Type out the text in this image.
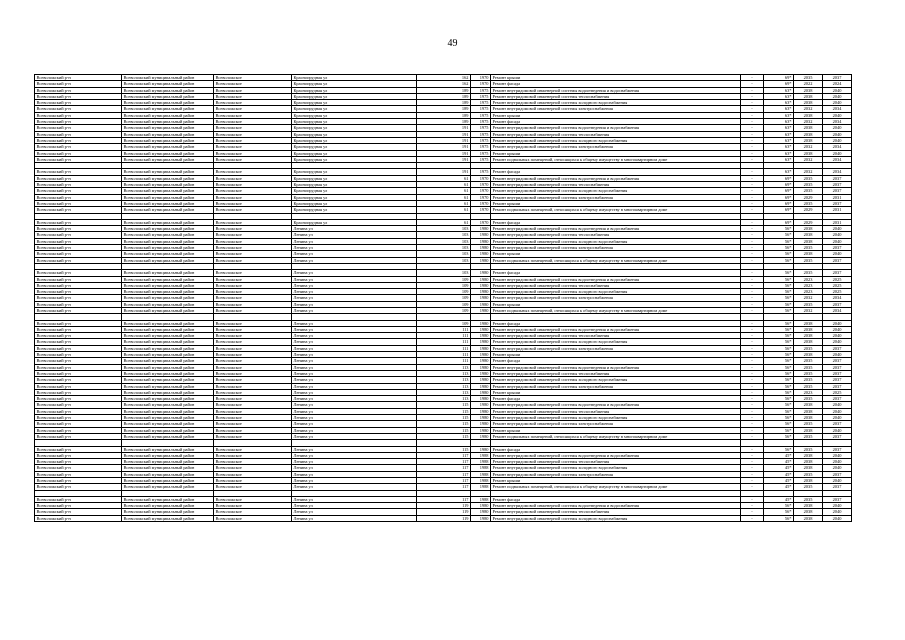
49
Всеволожский р-н	Всеволожский муниципальный район	Всеволожское	Краснопрудная ул	162	1970	Ремонт крыши	-	69*	2035	2037
Всеволожский р-н	Всеволожский муниципальный район	Всеволожское	Краснопрудная ул	162	1970	Ремонт фасада	-	69*	2022	2024
Всеволожский р-н	Всеволожский муниципальный район	Всеволожское	Краснопрудная ул	189	1975	Ремонт внутридомовой инженерной системы водоотведения и водоснабжения	-	63*	2038	2040
Всеволожский р-н	Всеволожский муниципальный район	Всеволожское	Краснопрудная ул	189	1975	Ремонт внутридомовой инженерной системы теплоснабжения	-	63*	2038	2040
Всеволожский р-н	Всеволожский муниципальный район	Всеволожское	Краснопрудная ул	189	1975	Ремонт внутридомовой инженерной системы холодного водоснабжения	-	63*	2038	2040
Всеволожский р-н	Всеволожский муниципальный район	Всеволожское	Краснопрудная ул	189	1975	Ремонт внутридомовой инженерной системы электроснабжения	-	63*	2032	2034
Всеволожский р-н	Всеволожский муниципальный район	Всеволожское	Краснопрудная ул	189	1975	Ремонт крыши	-	63*	2038	2040
Всеволожский р-н	Всеволожский муниципальный район	Всеволожское	Краснопрудная ул	189	1975	Ремонт фасада	-	63*	2032	2034
Всеволожский р-н	Всеволожский муниципальный район	Всеволожское	Краснопрудная ул	191	1975	Ремонт внутридомовой инженерной системы водоотведения и водоснабжения	-	63*	2038	2040
Всеволожский р-н	Всеволожский муниципальный район	Всеволожское	Краснопрудная ул	191	1975	Ремонт внутридомовой инженерной системы теплоснабжения	-	63*	2038	2040
Всеволожский р-н	Всеволожский муниципальный район	Всеволожское	Краснопрудная ул	191	1975	Ремонт внутридомовой инженерной системы холодного водоснабжения	-	63*	2038	2040
Всеволожский р-н	Всеволожский муниципальный район	Всеволожское	Краснопрудная ул	191	1975	Ремонт внутридомовой инженерной системы электроснабжения	-	63*	2032	2034
Всеволожский р-н	Всеволожский муниципальный район	Всеволожское	Краснопрудная ул	191	1975	Ремонт крыши	-	63*	2038	2040
Всеволожский р-н	Всеволожский муниципальный район	Всеволожское	Краснопрудная ул	191	1975	Ремонт подвальных помещений, относящихся к общему имуществу в многоквартирном доме	-	63*	2032	2034

Всеволожский р-н	Всеволожский муниципальный район	Всеволожское	Краснопрудная ул	191	1975	Ремонт фасада	-	63*	2032	2034
Всеволожский р-н	Всеволожский муниципальный район	Всеволожское	Краснопрудная ул	61	1970	Ремонт внутридомовой инженерной системы водоотведения и водоснабжения	-	69*	2035	2037
Всеволожский р-н	Всеволожский муниципальный район	Всеволожское	Краснопрудная ул	61	1970	Ремонт внутридомовой инженерной системы теплоснабжения	-	69*	2035	2037
Всеволожский р-н	Всеволожский муниципальный район	Всеволожское	Краснопрудная ул	61	1970	Ремонт внутридомовой инженерной системы холодного водоснабжения	-	69*	2035	2037
Всеволожский р-н	Всеволожский муниципальный район	Всеволожское	Краснопрудная ул	61	1970	Ремонт внутридомовой инженерной системы электроснабжения	-	69*	2029	2031
Всеволожский р-н	Всеволожский муниципальный район	Всеволожское	Краснопрудная ул	61	1970	Ремонт крыши	-	69*	2035	2037
Всеволожский р-н	Всеволожский муниципальный район	Всеволожское	Краснопрудная ул	61	1970	Ремонт подвальных помещений, относящихся к общему имуществу в многоквартирном доме	-	69*	2029	2031

Всеволожский р-н	Всеволожский муниципальный район	Всеволожское	Краснопрудная ул	61	1970	Ремонт фасада	-	69*	2029	2031
Всеволожский р-н	Всеволожский муниципальный район	Всеволожское	Ленина ул	103	1980	Ремонт внутридомовой инженерной системы водоотведения и водоснабжения	-	56*	2038	2040
Всеволожский р-н	Всеволожский муниципальный район	Всеволожское	Ленина ул	103	1980	Ремонт внутридомовой инженерной системы теплоснабжения	-	56*	2038	2040
Всеволожский р-н	Всеволожский муниципальный район	Всеволожское	Ленина ул	103	1980	Ремонт внутридомовой инженерной системы холодного водоснабжения	-	56*	2038	2040
Всеволожский р-н	Всеволожский муниципальный район	Всеволожское	Ленина ул	103	1980	Ремонт внутридомовой инженерной системы электроснабжения	-	56*	2035	2037
Всеволожский р-н	Всеволожский муниципальный район	Всеволожское	Ленина ул	103	1980	Ремонт крыши	-	56*	2038	2040
Всеволожский р-н	Всеволожский муниципальный район	Всеволожское	Ленина ул	103	1980	Ремонт подвальных помещений, относящихся к общему имуществу в многоквартирном доме	-	56*	2035	2037

Всеволожский р-н	Всеволожский муниципальный район	Всеволожское	Ленина ул	103	1980	Ремонт фасада	-	56*	2035	2037
Всеволожский р-н	Всеволожский муниципальный район	Всеволожское	Ленина ул	109	1980	Ремонт внутридомовой инженерной системы водоотведения и водоснабжения	-	56*	2023	2025
Всеволожский р-н	Всеволожский муниципальный район	Всеволожское	Ленина ул	109	1980	Ремонт внутридомовой инженерной системы теплоснабжения	-	56*	2023	2025
Всеволожский р-н	Всеволожский муниципальный район	Всеволожское	Ленина ул	109	1980	Ремонт внутридомовой инженерной системы холодного водоснабжения	-	56*	2023	2025
Всеволожский р-н	Всеволожский муниципальный район	Всеволожское	Ленина ул	109	1980	Ремонт внутридомовой инженерной системы электроснабжения	-	56*	2032	2034
Всеволожский р-н	Всеволожский муниципальный район	Всеволожское	Ленина ул	109	1980	Ремонт крыши	-	56*	2035	2037
Всеволожский р-н	Всеволожский муниципальный район	Всеволожское	Ленина ул	109	1980	Ремонт подвальных помещений, относящихся к общему имуществу в многоквартирном доме	-	56*	2032	2034

Всеволожский р-н	Всеволожский муниципальный район	Всеволожское	Ленина ул	109	1980	Ремонт фасада	-	56*	2038	2040
Всеволожский р-н	Всеволожский муниципальный район	Всеволожское	Ленина ул	111	1980	Ремонт внутридомовой инженерной системы водоотведения и водоснабжения	-	56*	2038	2040
Всеволожский р-н	Всеволожский муниципальный район	Всеволожское	Ленина ул	111	1980	Ремонт внутридомовой инженерной системы теплоснабжения	-	56*	2038	2040
Всеволожский р-н	Всеволожский муниципальный район	Всеволожское	Ленина ул	111	1980	Ремонт внутридомовой инженерной системы холодного водоснабжения	-	56*	2038	2040
Всеволожский р-н	Всеволожский муниципальный район	Всеволожское	Ленина ул	111	1980	Ремонт внутридомовой инженерной системы электроснабжения	-	56*	2035	2037
Всеволожский р-н	Всеволожский муниципальный район	Всеволожское	Ленина ул	111	1980	Ремонт крыши	-	56*	2038	2040
Всеволожский р-н	Всеволожский муниципальный район	Всеволожское	Ленина ул	111	1980	Ремонт фасада	-	56*	2035	2037
Всеволожский р-н	Всеволожский муниципальный район	Всеволожское	Ленина ул	113	1980	Ремонт внутридомовой инженерной системы водоотведения и водоснабжения	-	56*	2035	2037
Всеволожский р-н	Всеволожский муниципальный район	Всеволожское	Ленина ул	113	1980	Ремонт внутридомовой инженерной системы теплоснабжения	-	56*	2035	2037
Всеволожский р-н	Всеволожский муниципальный район	Всеволожское	Ленина ул	113	1980	Ремонт внутридомовой инженерной системы холодного водоснабжения	-	56*	2035	2037
Всеволожский р-н	Всеволожский муниципальный район	Всеволожское	Ленина ул	113	1980	Ремонт внутридомовой инженерной системы электроснабжения	-	56*	2035	2037
Всеволожский р-н	Всеволожский муниципальный район	Всеволожское	Ленина ул	113	1980	Ремонт крыши	-	56*	2023	2025
Всеволожский р-н	Всеволожский муниципальный район	Всеволожское	Ленина ул	113	1980	Ремонт фасада	-	56*	2035	2037
Всеволожский р-н	Всеволожский муниципальный район	Всеволожское	Ленина ул	115	1980	Ремонт внутридомовой инженерной системы водоотведения и водоснабжения	-	56*	2038	2040
Всеволожский р-н	Всеволожский муниципальный район	Всеволожское	Ленина ул	115	1980	Ремонт внутридомовой инженерной системы теплоснабжения	-	56*	2038	2040
Всеволожский р-н	Всеволожский муниципальный район	Всеволожское	Ленина ул	115	1980	Ремонт внутридомовой инженерной системы холодного водоснабжения	-	56*	2038	2040
Всеволожский р-н	Всеволожский муниципальный район	Всеволожское	Ленина ул	115	1980	Ремонт внутридомовой инженерной системы электроснабжения	-	56*	2035	2037
Всеволожский р-н	Всеволожский муниципальный район	Всеволожское	Ленина ул	115	1980	Ремонт крыши	-	56*	2038	2040
Всеволожский р-н	Всеволожский муниципальный район	Всеволожское	Ленина ул	115	1980	Ремонт подвальных помещений, относящихся к общему имуществу в многоквартирном доме	-	56*	2035	2037

Всеволожский р-н	Всеволожский муниципальный район	Всеволожское	Ленина ул	115	1980	Ремонт фасада	-	56*	2035	2037
Всеволожский р-н	Всеволожский муниципальный район	Всеволожское	Ленина ул	117	1988	Ремонт внутридомовой инженерной системы водоотведения и водоснабжения	-	45*	2038	2040
Всеволожский р-н	Всеволожский муниципальный район	Всеволожское	Ленина ул	117	1988	Ремонт внутридомовой инженерной системы теплоснабжения	-	45*	2038	2040
Всеволожский р-н	Всеволожский муниципальный район	Всеволожское	Ленина ул	117	1988	Ремонт внутридомовой инженерной системы холодного водоснабжения	-	45*	2038	2040
Всеволожский р-н	Всеволожский муниципальный район	Всеволожское	Ленина ул	117	1988	Ремонт внутридомовой инженерной системы электроснабжения	-	45*	2035	2037
Всеволожский р-н	Всеволожский муниципальный район	Всеволожское	Ленина ул	117	1988	Ремонт крыши	-	45*	2038	2040
Всеволожский р-н	Всеволожский муниципальный район	Всеволожское	Ленина ул	117	1988	Ремонт подвальных помещений, относящихся к общему имуществу в многоквартирном доме	-	45*	2035	2037

Всеволожский р-н	Всеволожский муниципальный район	Всеволожское	Ленина ул	117	1988	Ремонт фасада	-	45*	2035	2037
Всеволожский р-н	Всеволожский муниципальный район	Всеволожское	Ленина ул	119	1980	Ремонт внутридомовой инженерной системы водоотведения и водоснабжения	-	56*	2038	2040
Всеволожский р-н	Всеволожский муниципальный район	Всеволожское	Ленина ул	119	1980	Ремонт внутридомовой инженерной системы теплоснабжения	-	56*	2038	2040
Всеволожский р-н	Всеволожский муниципальный район	Всеволожское	Ленина ул	119	1980	Ремонт внутридомовой инженерной системы холодного водоснабжения	-	56*	2038	2040
